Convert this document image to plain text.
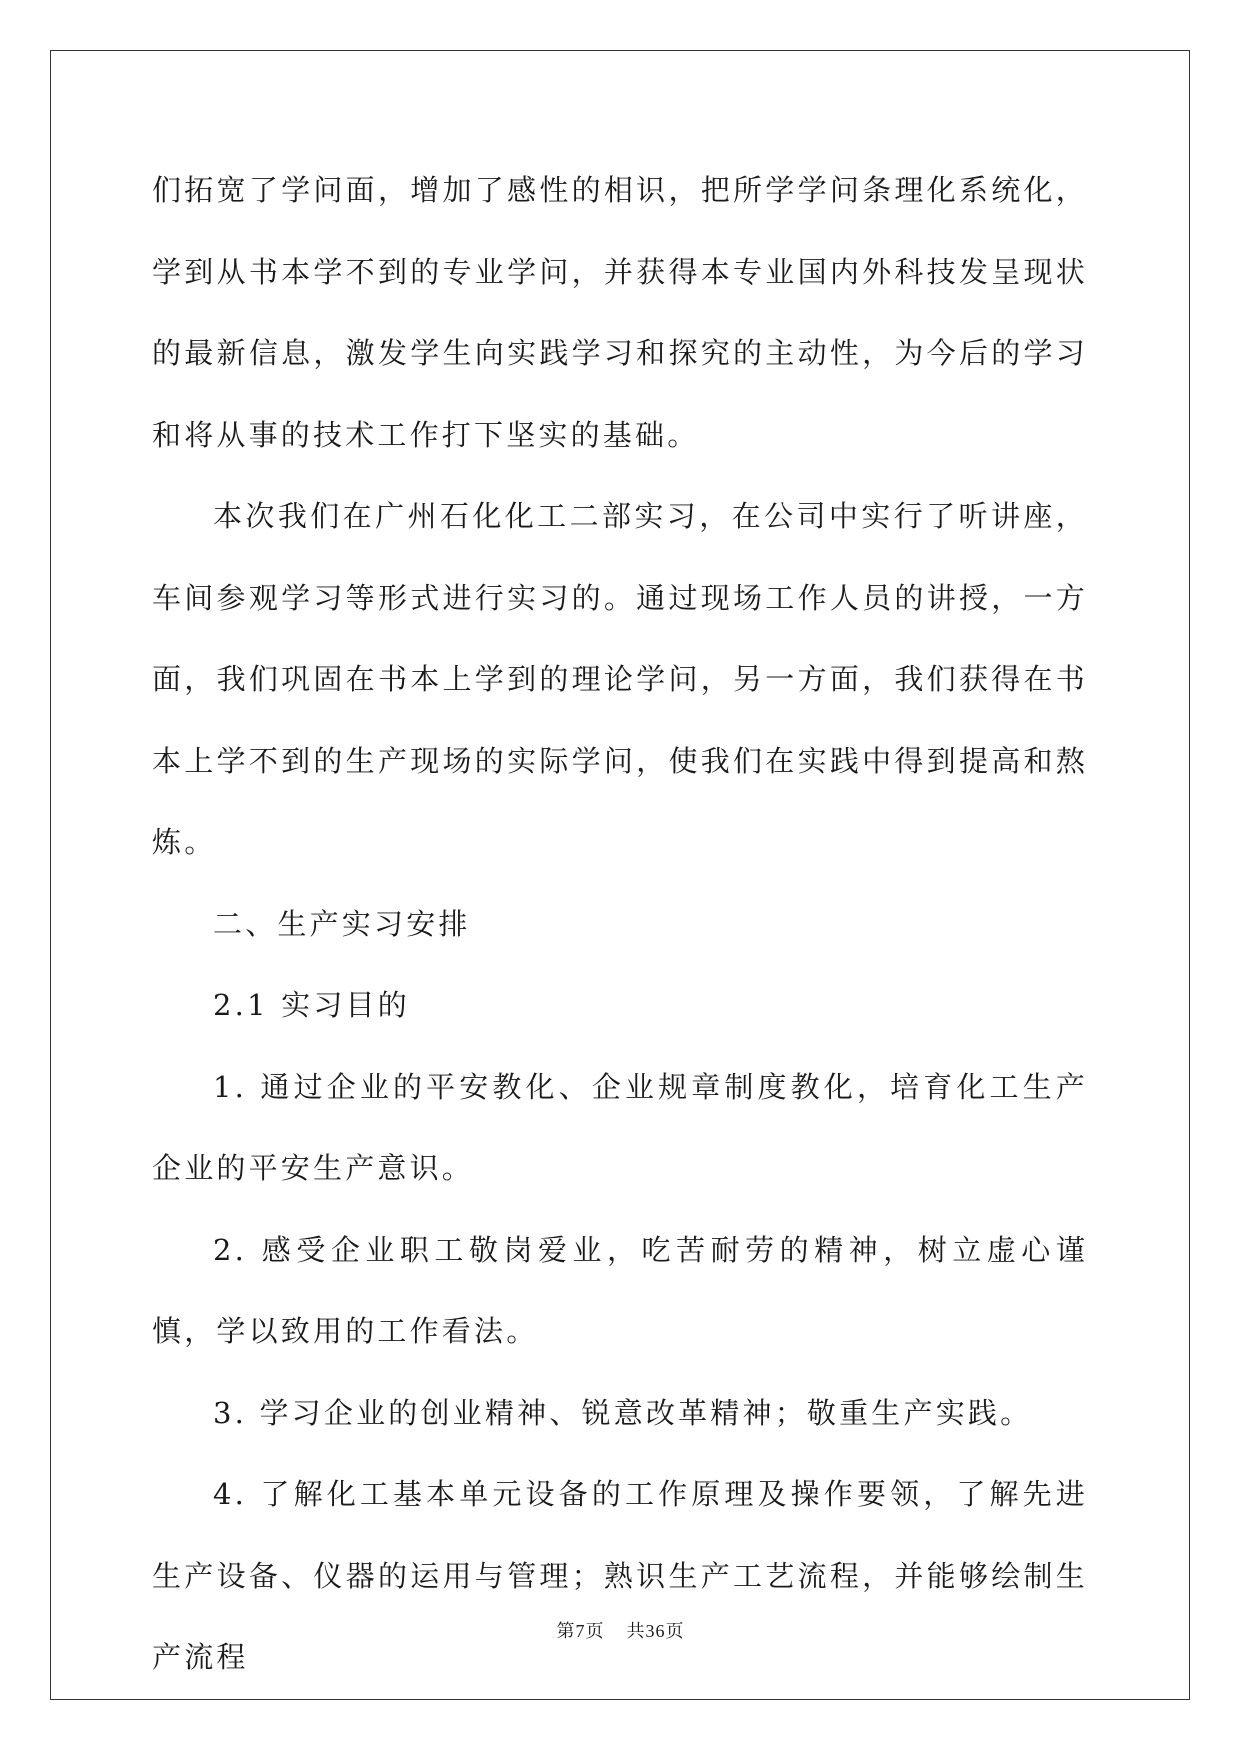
们拓宽了学问面，增加了感性的相识，把所学学问条理化系统化，学到从书本学不到的专业学问，并获得本专业国内外科技发呈现状的最新信息，激发学生向实践学习和探究的主动性，为今后的学习和将从事的技术工作打下坚实的基础。

本次我们在广州石化化工二部实习，在公司中实行了听讲座，车间参观学习等形式进行实习的。通过现场工作人员的讲授，一方面，我们巩固在书本上学到的理论学问，另一方面，我们获得在书本上学不到的生产现场的实际学问，使我们在实践中得到提高和熬炼。

二、生产实习安排

2.1 实习目的

1. 通过企业的平安教化、企业规章制度教化，培育化工生产企业的平安生产意识。

2. 感受企业职工敬岗爱业，吃苦耐劳的精神，树立虚心谨慎，学以致用的工作看法。

3. 学习企业的创业精神、锐意改革精神；敬重生产实践。

4. 了解化工基本单元设备的工作原理及操作要领，了解先进生产设备、仪器的运用与管理；熟识生产工艺流程，并能够绘制生产流程

第7页 共36页
